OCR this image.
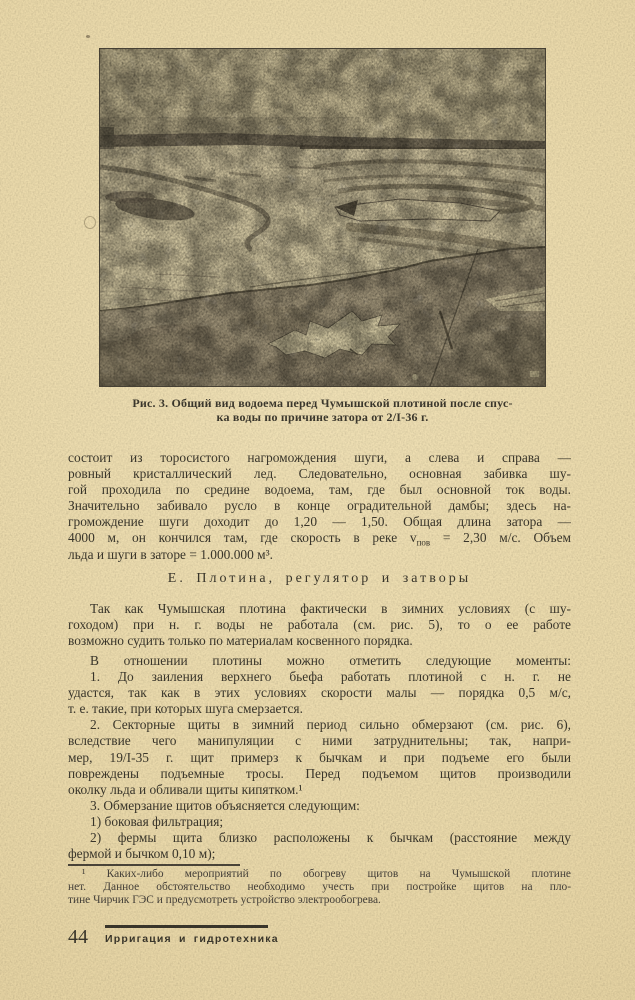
Рис. 3. Общий вид водоема перед Чумышской плотиной после спус-
ка воды по причине затора от 2/I-36 г.
состоит из торосистого нагромождения шуги, а слева и справа —
ровный кристаллический лед. Следовательно, основная забивка шу-
гой проходила по средине водоема, там, где был основной ток воды.
Значительно забивало русло в конце оградительной дамбы; здесь на-
громождение шуги доходит до 1,20 — 1,50. Общая длина затора —
4000 м, он кончился там, где скорость в реке $v_{пов} = 2,30$ м/с. Объем
льда и шуги в заторе = 1.000.000 м³.
Е. Плотина, регулятор и затворы
Так как Чумышская плотина фактически в зимних условиях (с шу-
гоходом) при н. г. воды не работала (см. рис. 5), то о ее работе
возможно судить только по материалам косвенного порядка.
В отношении плотины можно отметить следующие моменты:
1. До заиления верхнего бьефа работать плотиной с н. г. не
удастся, так как в этих условиях скорости малы — порядка 0,5 м/с,
т. е. такие, при которых шуга смерзается.
2. Секторные щиты в зимний период сильно обмерзают (см. рис. 6),
вследствие чего манипуляции с ними затруднительны; так, напри-
мер, 19/I-35 г. щит примерз к бычкам и при подъеме его были
повреждены подъемные тросы. Перед подъемом щитов производили
околку льда и обливали щиты кипятком.¹
3. Обмерзание щитов объясняется следующим:
1) боковая фильтрация;
2) фермы щита близко расположены к бычкам (расстояние между
фермой и бычком 0,10 м);
¹ Каких-либо мероприятий по обогреву щитов на Чумышской плотине
нет. Данное обстоятельство необходимо учесть при постройке щитов на пло-
тине Чирчик ГЭС и предусмотреть устройство электрообогрева.
44 Ирригация и гидротехника
